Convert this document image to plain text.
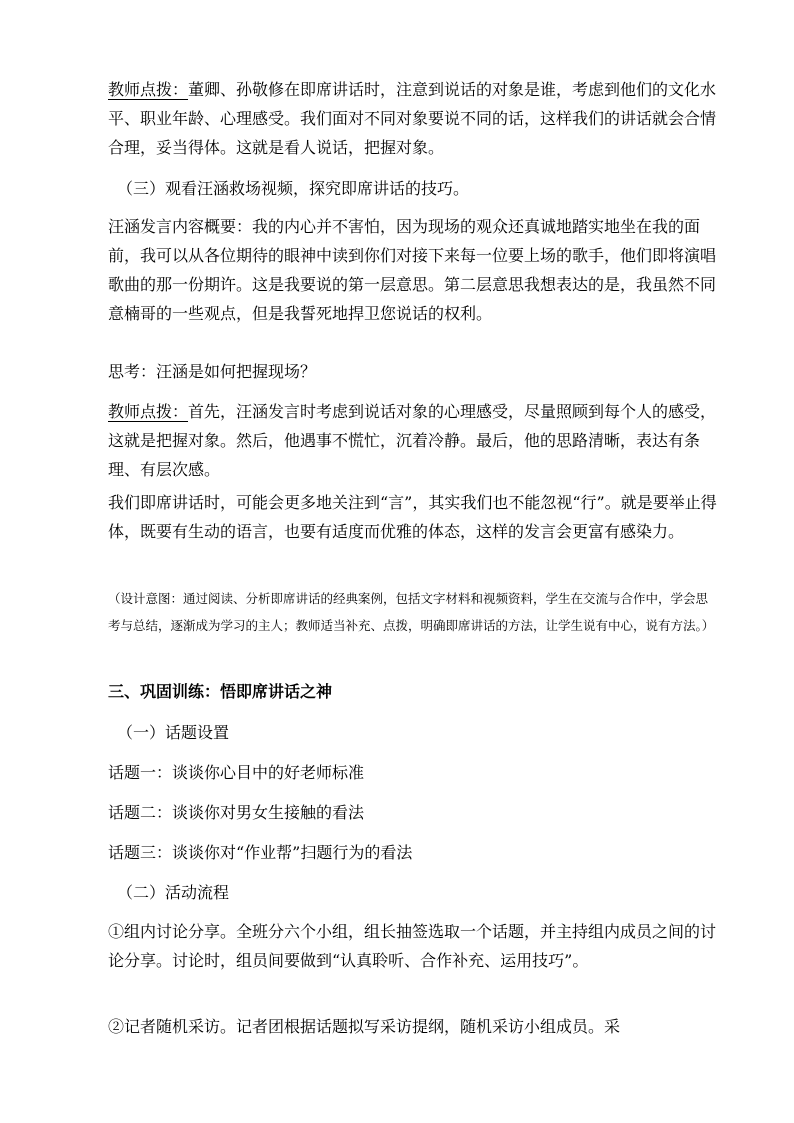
教师点拨：董卿、孙敬修在即席讲话时，注意到说话的对象是谁，考虑到他们的文化水平、职业年龄、心理感受。我们面对不同对象要说不同的话，这样我们的讲话就会合情合理，妥当得体。这就是看人说话，把握对象。

（三）观看汪涵救场视频，探究即席讲话的技巧。

汪涵发言内容概要：我的内心并不害怕，因为现场的观众还真诚地踏实地坐在我的面前，我可以从各位期待的眼神中读到你们对接下来每一位要上场的歌手，他们即将演唱歌曲的那一份期许。这是我要说的第一层意思。第二层意思我想表达的是，我虽然不同意楠哥的一些观点，但是我誓死地捍卫您说话的权利。

思考：汪涵是如何把握现场？

教师点拨：首先，汪涵发言时考虑到说话对象的心理感受，尽量照顾到每个人的感受，这就是把握对象。然后，他遇事不慌忙，沉着冷静。最后，他的思路清晰，表达有条理、有层次感。

我们即席讲话时，可能会更多地关注到“言”，其实我们也不能忽视“行”。就是要举止得体，既要有生动的语言，也要有适度而优雅的体态，这样的发言会更富有感染力。

（设计意图：通过阅读、分析即席讲话的经典案例，包括文字材料和视频资料，学生在交流与合作中，学会思考与总结，逐渐成为学习的主人；教师适当补充、点拨，明确即席讲话的方法，让学生说有中心，说有方法。）

三、巩固训练：悟即席讲话之神

（一）话题设置

话题一：谈谈你心目中的好老师标准

话题二：谈谈你对男女生接触的看法

话题三：谈谈你对“作业帮”扫题行为的看法

（二）活动流程

①组内讨论分享。全班分六个小组，组长抽签选取一个话题，并主持组内成员之间的讨论分享。讨论时，组员间要做到“认真聆听、合作补充、运用技巧”。

②记者随机采访。记者团根据话题拟写采访提纲，随机采访小组成员。采
